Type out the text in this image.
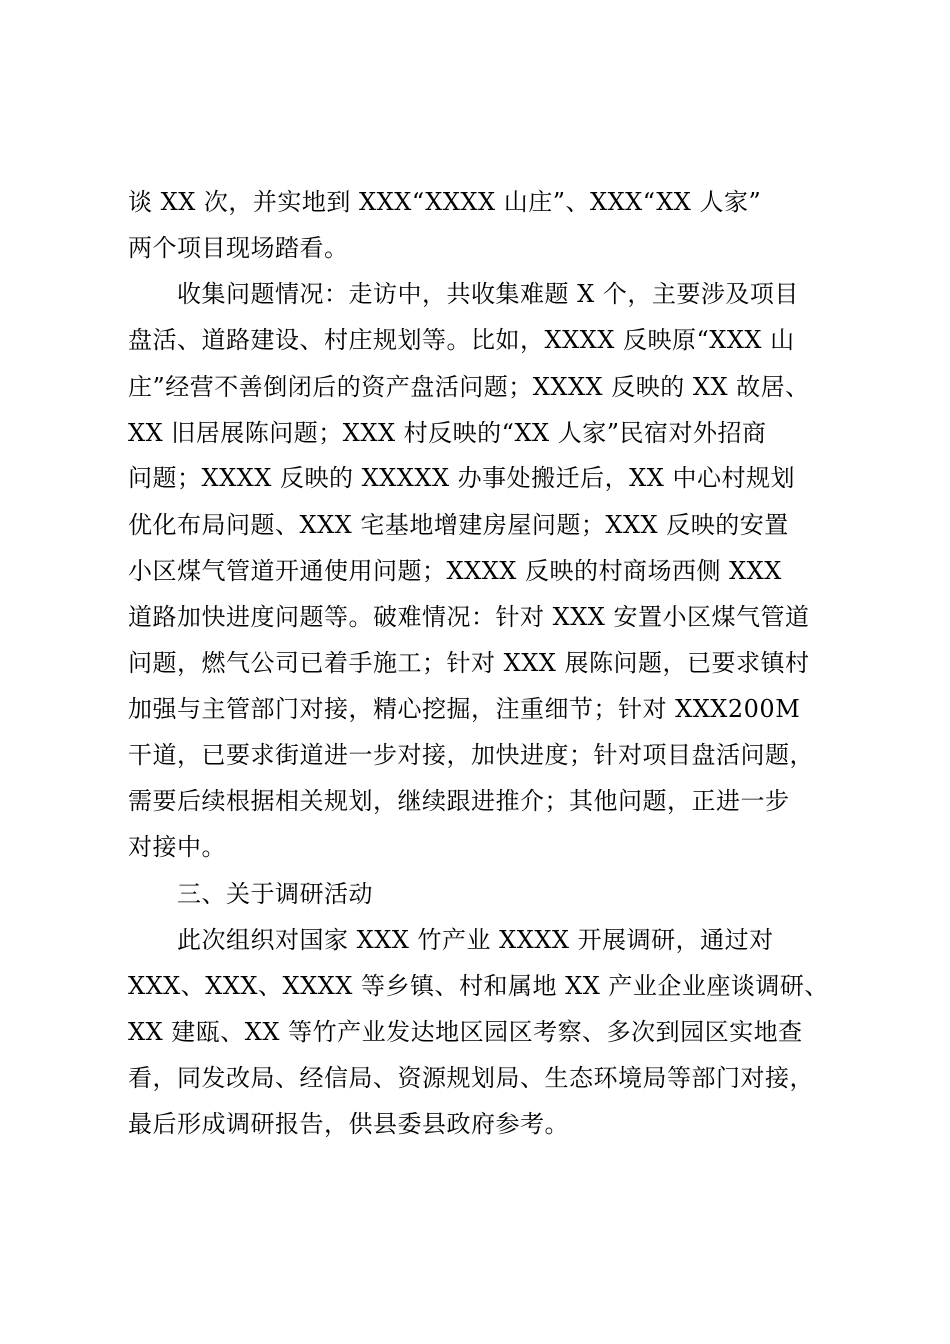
谈 XX 次，并实地到 XXX“XXXX 山庄”、XXX“XX 人家”
两个项目现场踏看。
收集问题情况：走访中，共收集难题 X 个，主要涉及项目
盘活、道路建设、村庄规划等。比如，XXXX 反映原“XXX 山
庄”经营不善倒闭后的资产盘活问题；XXXX 反映的 XX 故居、
XX 旧居展陈问题；XXX 村反映的“XX 人家”民宿对外招商
问题；XXXX 反映的 XXXXX 办事处搬迁后，XX 中心村规划
优化布局问题、XXX 宅基地增建房屋问题；XXX 反映的安置
小区煤气管道开通使用问题；XXXX 反映的村商场西侧 XXX
道路加快进度问题等。破难情况：针对 XXX 安置小区煤气管道
问题，燃气公司已着手施工；针对 XXX 展陈问题，已要求镇村
加强与主管部门对接，精心挖掘，注重细节；针对 XXX200M
干道，已要求街道进一步对接，加快进度；针对项目盘活问题，
需要后续根据相关规划，继续跟进推介；其他问题，正进一步
对接中。
三、关于调研活动
此次组织对国家 XXX 竹产业 XXXX 开展调研，通过对
XXX、XXX、XXXX 等乡镇、村和属地 XX 产业企业座谈调研、
XX 建瓯、XX 等竹产业发达地区园区考察、多次到园区实地查
看，同发改局、经信局、资源规划局、生态环境局等部门对接，
最后形成调研报告，供县委县政府参考。
